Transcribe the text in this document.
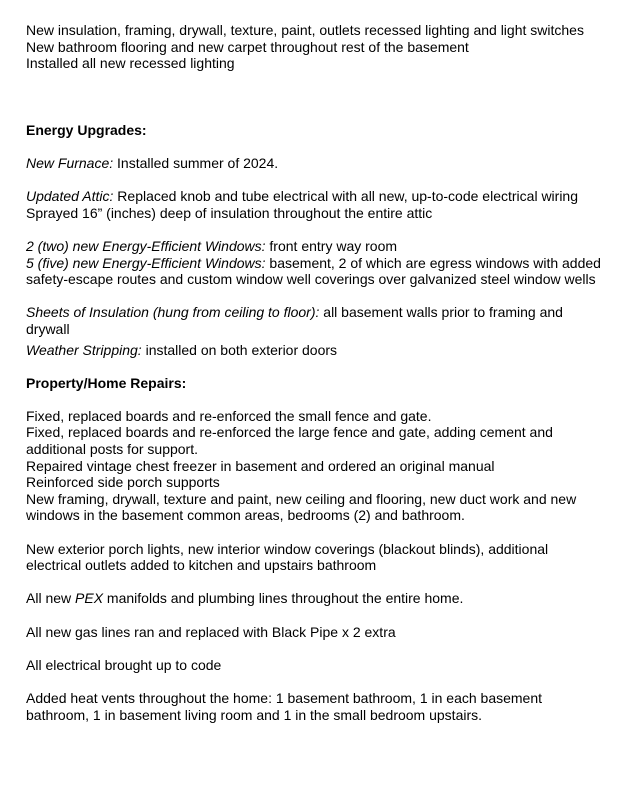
New insulation, framing, drywall, texture, paint, outlets recessed lighting and light switches

New bathroom flooring and new carpet throughout rest of the basement

Installed all new recessed lighting

Energy Upgrades:

New Furnace: Installed summer of 2024.

Updated Attic: Replaced knob and tube electrical with all new, up-to-code electrical wiring Sprayed 16” (inches) deep of insulation throughout the entire attic

2 (two) new Energy-Efficient Windows: front entry way room

5 (five) new Energy-Efficient Windows: basement, 2 of which are egress windows with added safety-escape routes and custom window well coverings over galvanized steel window wells

Sheets of Insulation (hung from ceiling to floor): all basement walls prior to framing and drywall

Weather Stripping: installed on both exterior doors

Property/Home Repairs:

Fixed, replaced boards and re-enforced the small fence and gate.

Fixed, replaced boards and re-enforced the large fence and gate, adding cement and additional posts for support.

Repaired vintage chest freezer in basement and ordered an original manual

Reinforced side porch supports

New framing, drywall, texture and paint, new ceiling and flooring, new duct work and new windows in the basement common areas, bedrooms (2) and bathroom.

New exterior porch lights, new interior window coverings (blackout blinds), additional electrical outlets added to kitchen and upstairs bathroom

All new PEX manifolds and plumbing lines throughout the entire home.

All new gas lines ran and replaced with Black Pipe x 2 extra

All electrical brought up to code

Added heat vents throughout the home: 1 basement bathroom, 1 in each basement bathroom, 1 in basement living room and 1 in the small bedroom upstairs.
